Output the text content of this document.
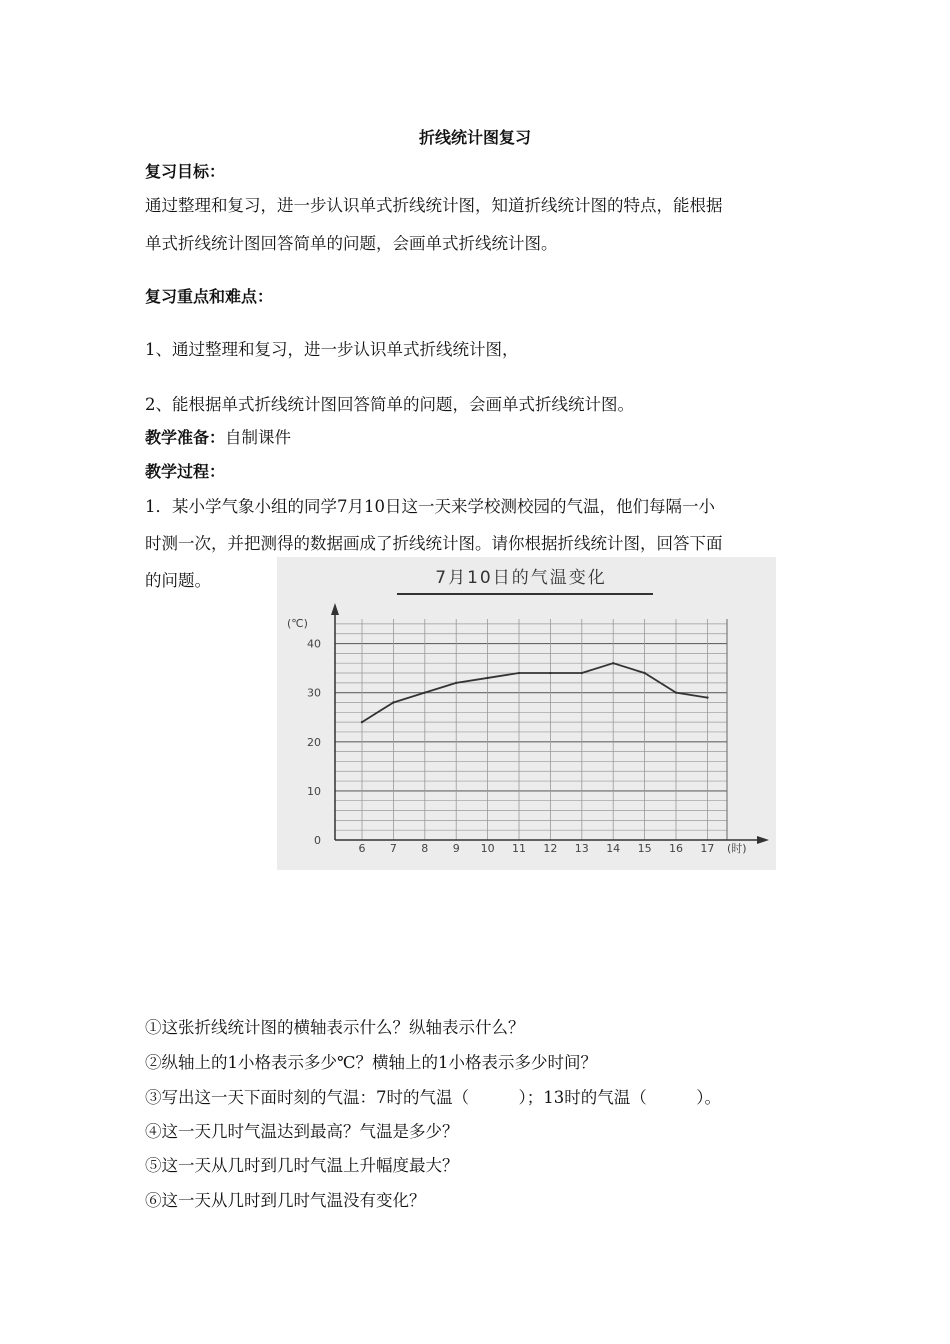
折线统计图复习
复习目标：
通过整理和复习，进一步认识单式折线统计图，知道折线统计图的特点，能根据
单式折线统计图回答简单的问题，会画单式折线统计图。
复习重点和难点：
1、通过整理和复习，进一步认识单式折线统计图，
2、能根据单式折线统计图回答简单的问题，会画单式折线统计图。
教学准备：自制课件
教学过程：
1．某小学气象小组的同学7月10日这一天来学校测校园的气温，他们每隔一小
时测一次，并把测得的数据画成了折线统计图。请你根据折线统计图，回答下面
的问题。	7月10日的气温变化
(℃)
(时)
0
10
20
30
40
6 7 8 9 10 11 12 13 14 15 16 17
①这张折线统计图的横轴表示什么？纵轴表示什么？
②纵轴上的1小格表示多少℃？横轴上的1小格表示多少时间？
③写出这一天下面时刻的气温：7时的气温（　　　）；13时的气温（　　　）。
④这一天几时气温达到最高？气温是多少？
⑤这一天从几时到几时气温上升幅度最大？
⑥这一天从几时到几时气温没有变化？
